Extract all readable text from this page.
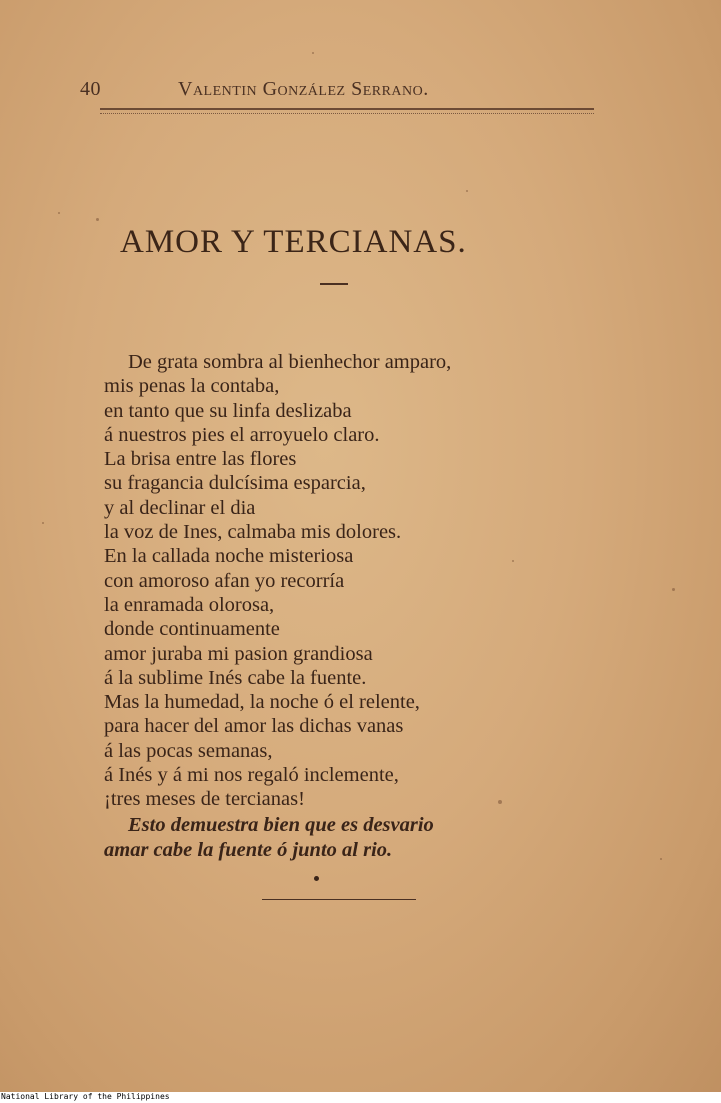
40	Valentin González Serrano.
AMOR Y TERCIANAS.
De grata sombra al bienhechor amparo,
mis penas la contaba,
en tanto que su linfa deslizaba
á nuestros pies el arroyuelo claro.
La brisa entre las flores
su fragancia dulcísima esparcia,
y al declinar el dia
la voz de Ines, calmaba mis dolores.
En la callada noche misteriosa
con amoroso afan yo recorría
la enramada olorosa,
donde continuamente
amor juraba mi pasion grandiosa
á la sublime Inés cabe la fuente.
Mas la humedad, la noche ó el relente,
para hacer del amor las dichas vanas
á las pocas semanas,
á Inés y á mi nos regaló inclemente,
¡tres meses de tercianas!
Esto demuestra bien que es desvario
amar cabe la fuente ó junto al rio.
National Library of the Philippines
